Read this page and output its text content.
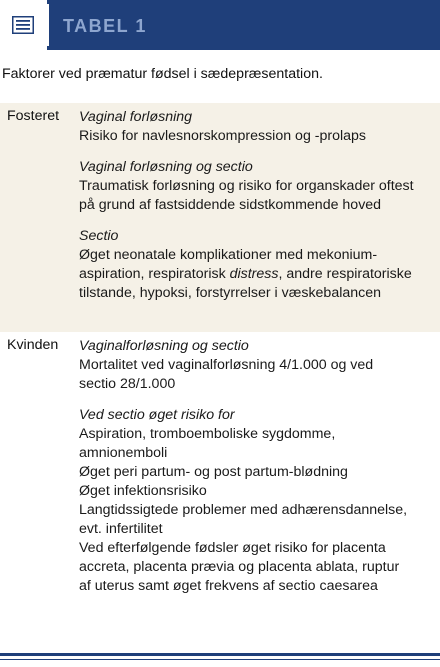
TABEL 1
Faktorer ved præmatur fødsel i sædepræsentation.
Fosteret Vaginal forløsning
Risiko for navlesnorskompression og -prolaps
Vaginal forløsning og sectio
Traumatisk forløsning og risiko for organskader oftest
på grund af fastsiddende sidstkommende hoved
Sectio
Øget neonatale komplikationer med mekonium-
aspiration, respiratorisk distress, andre respiratoriske
tilstande, hypoksi, forstyrrelser i væskebalancen
Kvinden Vaginalforløsning og sectio
Mortalitet ved vaginalforløsning 4/1.000 og ved
sectio 28/1.000
Ved sectio øget risiko for
Aspiration, tromboemboliske sygdomme,
amnionemboli
Øget peri partum- og post partum-blødning
Øget infektionsrisiko
Langtidssigtede problemer med adhærensdannelse,
evt. infertilitet
Ved efterfølgende fødsler øget risiko for placenta
accreta, placenta prævia og placenta ablata, ruptur
af uterus samt øget frekvens af sectio caesarea
